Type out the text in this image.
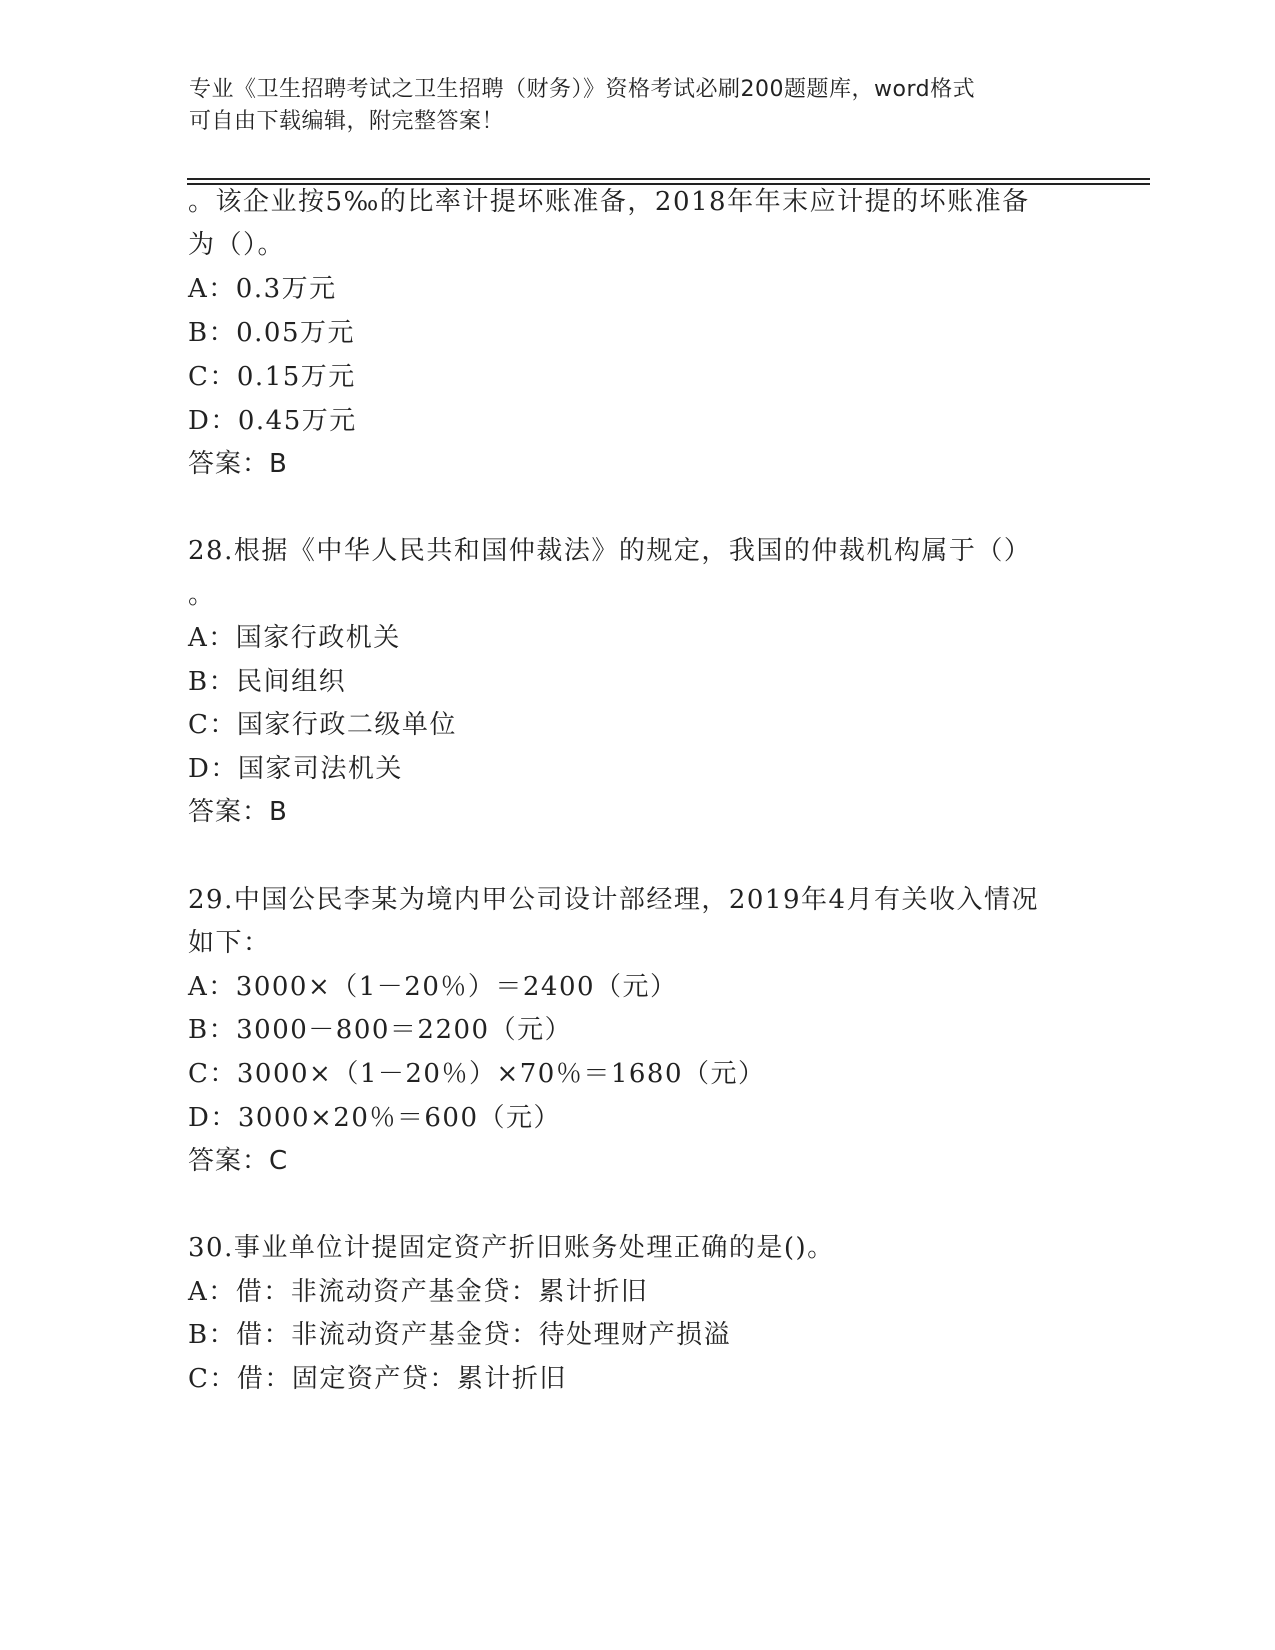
专业《卫生招聘考试之卫生招聘（财务）》资格考试必刷200题题库，word格式
可自由下载编辑，附完整答案！
。该企业按5‰的比率计提坏账准备，2018年年末应计提的坏账准备
为（）。
A：0.3万元
B：0.05万元
C：0.15万元
D：0.45万元
答案：B
28.根据《中华人民共和国仲裁法》的规定，我国的仲裁机构属于（）
。
A：国家行政机关
B：民间组织
C：国家行政二级单位
D：国家司法机关
答案：B
29.中国公民李某为境内甲公司设计部经理，2019年4月有关收入情况
如下：
A：3000×（1－20％）＝2400（元）
B：3000－800＝2200（元）
C：3000×（1－20％）×70％＝1680（元）
D：3000×20％＝600（元）
答案：C
30.事业单位计提固定资产折旧账务处理正确的是()。
A：借：非流动资产基金贷：累计折旧
B：借：非流动资产基金贷：待处理财产损溢
C：借：固定资产贷：累计折旧
